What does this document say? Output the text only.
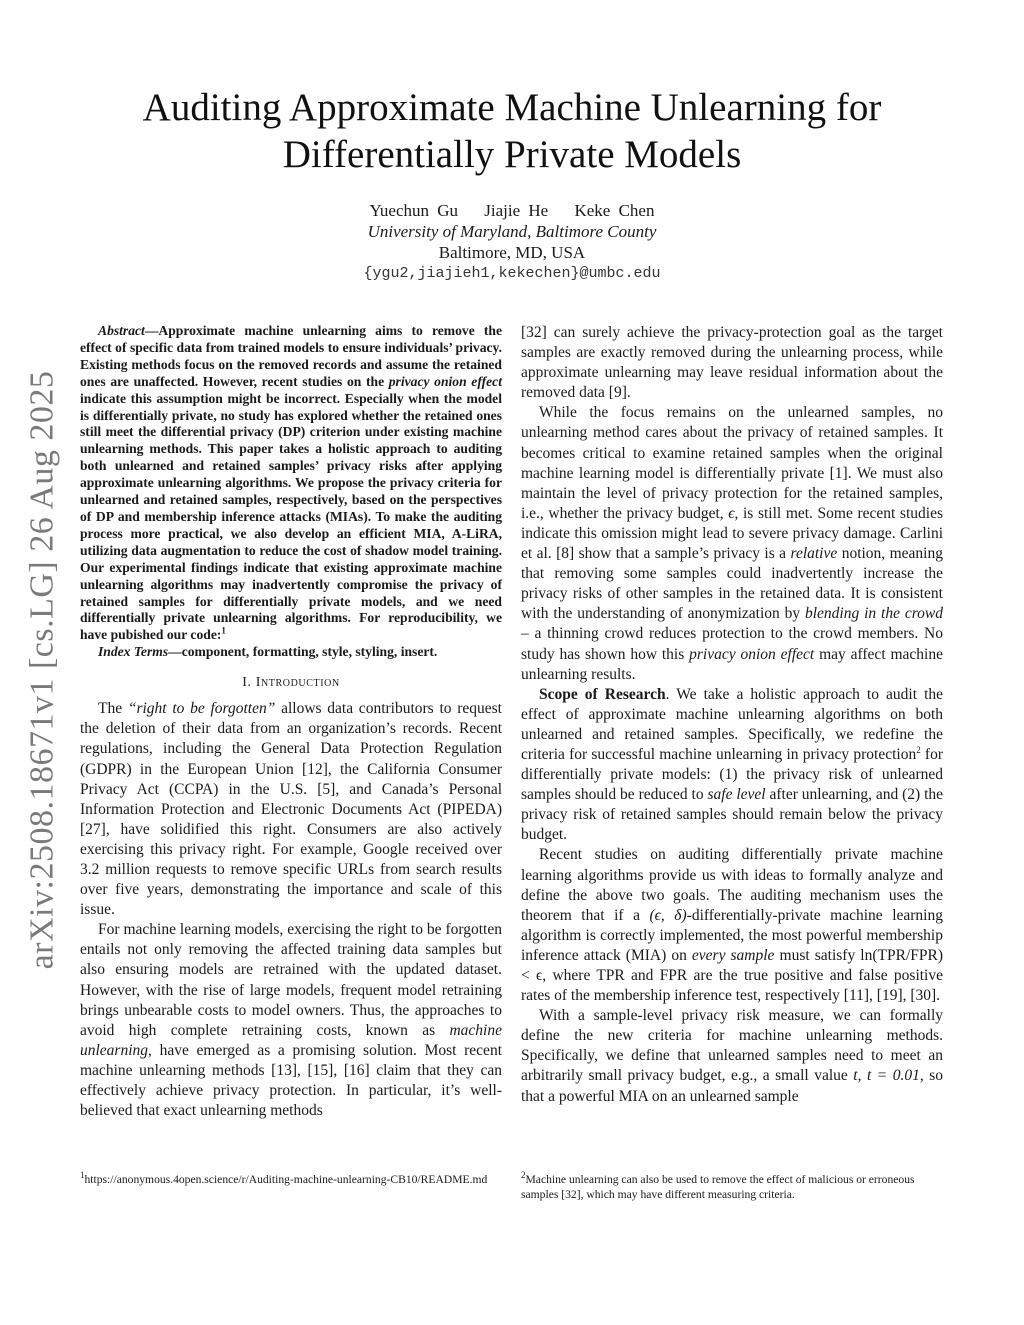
arXiv:2508.18671v1 [cs.LG] 26 Aug 2025
Auditing Approximate Machine Unlearning for
Differentially Private Models
Yuechun Gu Jiajie He Keke Chen
University of Maryland, Baltimore County
Baltimore, MD, USA
{ygu2,jiajieh1,kekechen}@umbc.edu

Abstract—Approximate machine unlearning aims to remove the effect of specific data from trained models to ensure individuals’ privacy. Existing methods focus on the removed records and assume the retained ones are unaffected. However, recent studies on the privacy onion effect indicate this assumption might be incorrect. Especially when the model is differentially private, no study has explored whether the retained ones still meet the differential privacy (DP) criterion under existing machine unlearning methods. This paper takes a holistic approach to auditing both unlearned and retained samples’ privacy risks after applying approximate unlearning algorithms. We propose the privacy criteria for unlearned and retained samples, respectively, based on the perspectives of DP and membership inference attacks (MIAs). To make the auditing process more practical, we also develop an efficient MIA, A-LiRA, utilizing data augmentation to reduce the cost of shadow model training. Our experimental findings indicate that existing approximate machine unlearning algorithms may inadvertently compromise the privacy of retained samples for differentially private models, and we need differentially private unlearning algorithms. For reproducibility, we have pubished our code:$^1$

Index Terms—component, formatting, style, styling, insert.

I. Introduction

The “right to be forgotten” allows data contributors to request the deletion of their data from an organization’s records. Recent regulations, including the General Data Protection Regulation (GDPR) in the European Union [12], the California Consumer Privacy Act (CCPA) in the U.S. [5], and Canada’s Personal Information Protection and Electronic Documents Act (PIPEDA) [27], have solidified this right. Consumers are also actively exercising this privacy right. For example, Google received over 3.2 million requests to remove specific URLs from search results over five years, demonstrating the importance and scale of this issue.

For machine learning models, exercising the right to be forgotten entails not only removing the affected training data samples but also ensuring models are retrained with the updated dataset. However, with the rise of large models, frequent model retraining brings unbearable costs to model owners. Thus, the approaches to avoid high complete retraining costs, known as machine unlearning, have emerged as a promising solution. Most recent machine unlearning methods [13], [15], [16] claim that they can effectively achieve privacy protection. In particular, it’s well-believed that exact unlearning methods

[32] can surely achieve the privacy-protection goal as the target samples are exactly removed during the unlearning process, while approximate unlearning may leave residual information about the removed data [9].

While the focus remains on the unlearned samples, no unlearning method cares about the privacy of retained samples. It becomes critical to examine retained samples when the original machine learning model is differentially private [1]. We must also maintain the level of privacy protection for the retained samples, i.e., whether the privacy budget, ϵ, is still met. Some recent studies indicate this omission might lead to severe privacy damage. Carlini et al. [8] show that a sample’s privacy is a relative notion, meaning that removing some samples could inadvertently increase the privacy risks of other samples in the retained data. It is consistent with the understanding of anonymization by blending in the crowd – a thinning crowd reduces protection to the crowd members. No study has shown how this privacy onion effect may affect machine unlearning results.

Scope of Research. We take a holistic approach to audit the effect of approximate machine unlearning algorithms on both unlearned and retained samples. Specifically, we redefine the criteria for successful machine unlearning in privacy protection$^2$ for differentially private models: (1) the privacy risk of unlearned samples should be reduced to safe level after unlearning, and (2) the privacy risk of retained samples should remain below the privacy budget.

Recent studies on auditing differentially private machine learning algorithms provide us with ideas to formally analyze and define the above two goals. The auditing mechanism uses the theorem that if a (ϵ, δ)-differentially-private machine learning algorithm is correctly implemented, the most powerful membership inference attack (MIA) on every sample must satisfy ln(TPR/FPR) < ϵ, where TPR and FPR are the true positive and false positive rates of the membership inference test, respectively [11], [19], [30].

With a sample-level privacy risk measure, we can formally define the new criteria for machine unlearning methods. Specifically, we define that unlearned samples need to meet an arbitrarily small privacy budget, e.g., a small value t, t = 0.01, so that a powerful MIA on an unlearned sample

$^1$https://anonymous.4open.science/r/Auditing-machine-unlearning-CB10/README.md	$^2$Machine unlearning can also be used to remove the effect of malicious or erroneous samples [32], which may have different measuring criteria.
